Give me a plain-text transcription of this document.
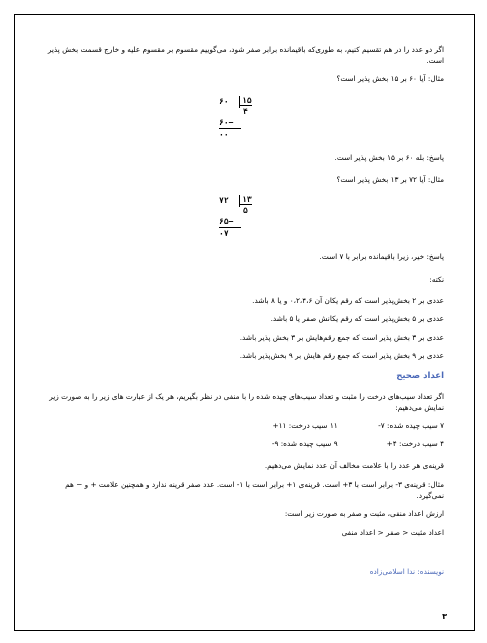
اگر دو عدد را در هم تقسیم کنیم، به طوری‌که باقیمانده برابر صفر شود، می‌گوییم مقسوم بر مقسوم علیه و خارج قسمت بخش پذیر است.

مثال: آیا ۶۰ بر ۱۵ بخش پذیر است؟

۶۰	۱۵
۴
۶۰−
۰۰

پاسخ: بله ۶۰ بر ۱۵ بخش پذیر است.

مثال: آیا ۷۲ بر ۱۳ بخش پذیر است؟

۷۲	۱۳
۵
۶۵−
۰۷

پاسخ: خیر، زیرا باقیمانده برابر با ۷ است.

نکته:

عددی بر ۲ بخش‌پذیر است که رقم یکان آن ۰،۲،۴،۶ و یا ۸ باشد.

عددی بر ۵ بخش‌پذیر است که رقم یکانش صفر یا ۵ باشد.

عددی بر ۳ بخش پذیر است که جمع رقم‌هایش بر ۳ بخش پذیر باشد.

عددی بر ۹ بخش پذیر است که جمع رقم هایش بر ۹ بخش‌پذیر باشد.

اعداد صحیح

اگر تعداد سیب‌های درخت را مثبت و تعداد سیب‌های چیده شده را با منفی در نظر بگیریم، هر یک از عبارت های زیر را به صورت زیر نمایش می‌دهیم:

۷ سیب چیده شده: ۷- ۱۱ سیب درخت: ۱۱+
۴ سیب درخت: ۴+ ۹ سیب چیده شده: ۹-

قرینه‌ی هر عدد را با علامت مخالف آن عدد نمایش می‌دهیم.

مثال: قرینه‌ی ۳- برابر است با ۳+ است. قرینه‌ی ۱+ برابر است با ۱- است. عدد صفر قرینه ندارد و همچنین علامت + و − هم نمی‌گیرد.

ارزش اعداد منفی، مثبت و صفر به صورت زیر است:

اعداد مثبت < صفر < اعداد منفی

نویسنده: ندا اسلامی‌زاده

۳
